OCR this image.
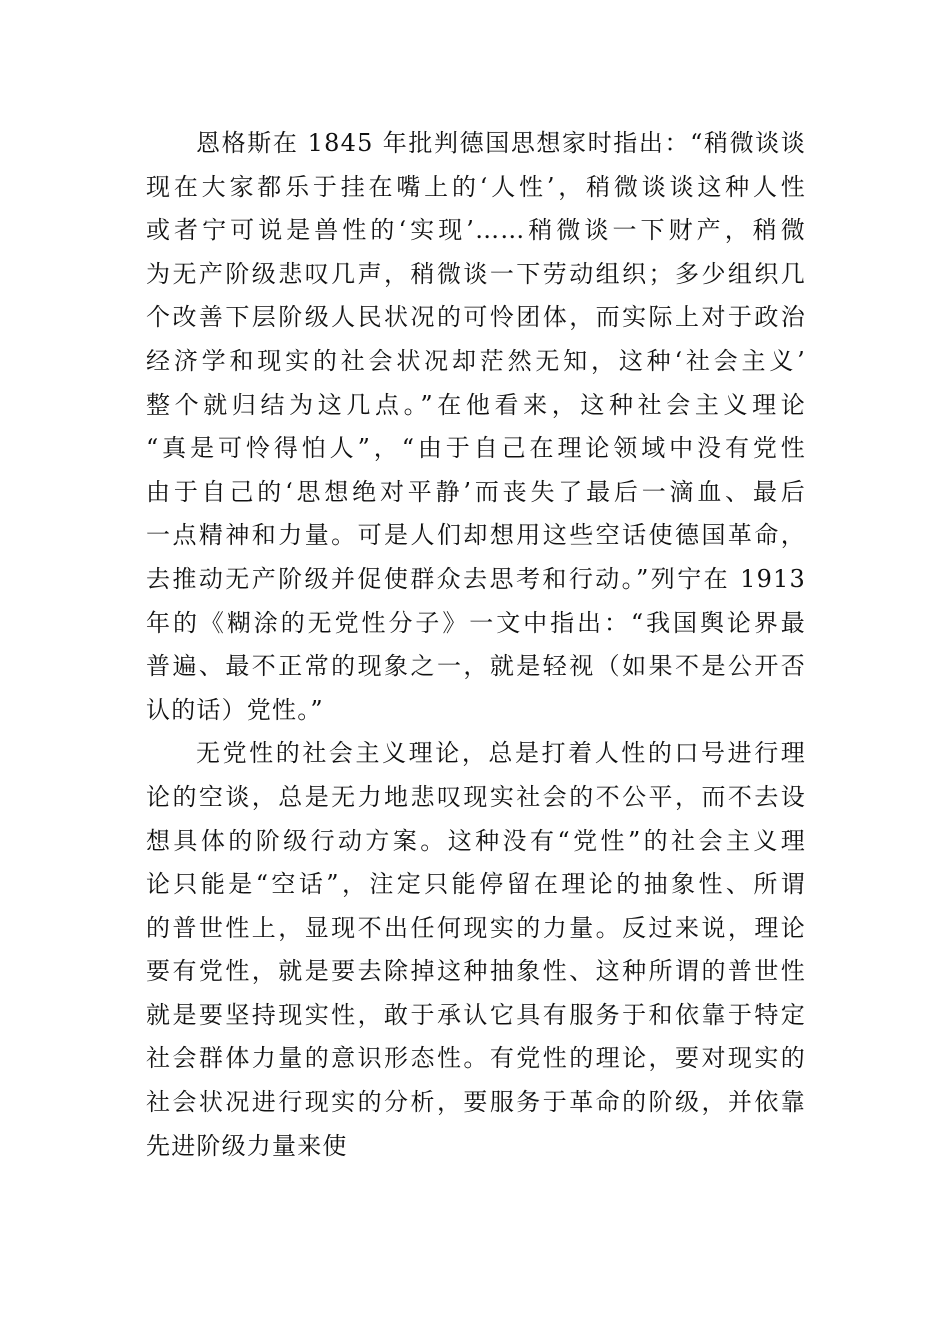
恩格斯在 1845 年批判德国思想家时指出：“稍微谈谈
现在大家都乐于挂在嘴上的‘人性’，稍微谈谈这种人性
或者宁可说是兽性的‘实现’……稍微谈一下财产，稍微
为无产阶级悲叹几声，稍微谈一下劳动组织；多少组织几
个改善下层阶级人民状况的可怜团体，而实际上对于政治
经济学和现实的社会状况却茫然无知，这种‘社会主义’
整个就归结为这几点。”在他看来，这种社会主义理论
“真是可怜得怕人”，“由于自己在理论领域中没有党性
由于自己的‘思想绝对平静’而丧失了最后一滴血、最后
一点精神和力量。可是人们却想用这些空话使德国革命，
去推动无产阶级并促使群众去思考和行动。”列宁在 1913
年的《糊涂的无党性分子》一文中指出：“我国舆论界最
普遍、最不正常的现象之一，就是轻视（如果不是公开否
认的话）党性。”
无党性的社会主义理论，总是打着人性的口号进行理
论的空谈，总是无力地悲叹现实社会的不公平，而不去设
想具体的阶级行动方案。这种没有“党性”的社会主义理
论只能是“空话”，注定只能停留在理论的抽象性、所谓
的普世性上，显现不出任何现实的力量。反过来说，理论
要有党性，就是要去除掉这种抽象性、这种所谓的普世性
就是要坚持现实性，敢于承认它具有服务于和依靠于特定
社会群体力量的意识形态性。有党性的理论，要对现实的
社会状况进行现实的分析，要服务于革命的阶级，并依靠
先进阶级力量来使
